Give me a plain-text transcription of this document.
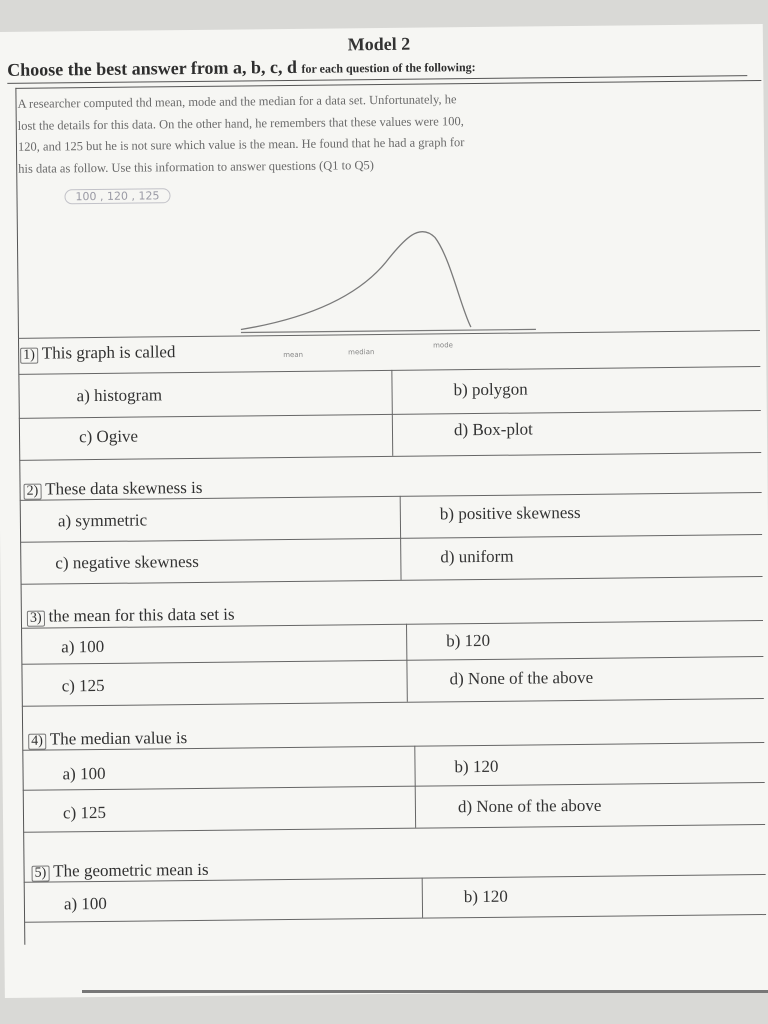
Model 2
Choose the best answer from a, b, c, d for each question of the following:
A researcher computed thd mean, mode and the median for a data set. Unfortunately, he
lost the details for this data. On the other hand, he remembers that these values were 100,
120, and 125 but he is not sure which value is the mean. He found that he had a graph for
his data as follow. Use this information to answer questions (Q1 to Q5)
100 , 120 , 125
mean	median
mode
1) This graph is called
a) histogram	b) polygon
c) Ogive	d) Box-plot
2) These data skewness is
a) symmetric	b) positive skewness
c) negative skewness	d) uniform
3) the mean for this data set is
a) 100	b) 120
c) 125	d) None of the above
4) The median value is
a) 100	b) 120
c) 125	d) None of the above
5) The geometric mean is
a) 100	b) 120
